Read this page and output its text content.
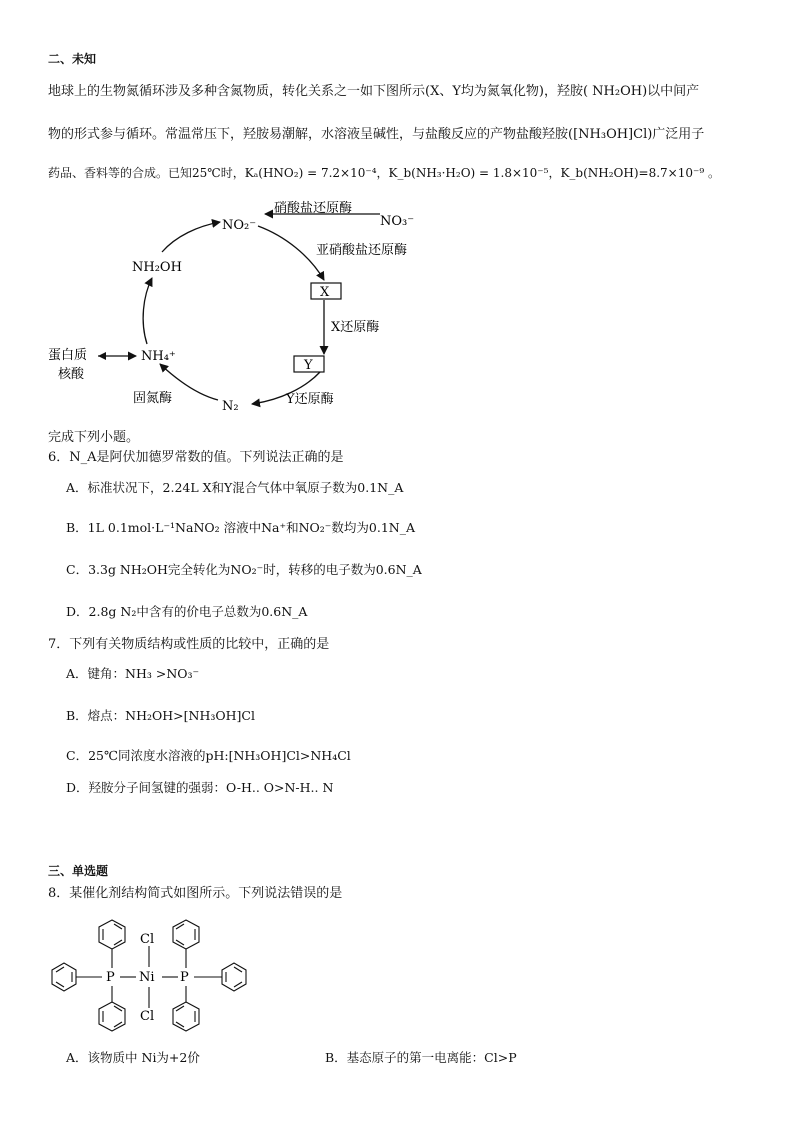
二、未知
地球上的生物氮循环涉及多种含氮物质，转化关系之一如下图所示(X、Y均为氮氧化物)，羟胺( NH₂OH)以中间产
物的形式参与循环。常温常压下，羟胺易潮解，水溶液呈碱性，与盐酸反应的产物盐酸羟胺([NH₃OH]Cl)广泛用子
药品、香料等的合成。已知25℃时，Kₐ(HNO₂) = 7.2×10⁻⁴，K_b(NH₃·H₂O) = 1.8×10⁻⁵，K_b(NH₂OH)=8.7×10⁻⁹ 。
NO₂⁻	NO₃⁻
硝酸盐还原酶
亚硝酸盐还原酶
X
X还原酶
Y
Y还原酶
N₂
固氮酶
NH₄⁺
NH₂OH
蛋白质
核酸
完成下列小题。
6．N_A是阿伏加德罗常数的值。下列说法正确的是
A．标准状况下，2.24L X和Y混合气体中氧原子数为0.1N_A
B．1L 0.1mol·L⁻¹NaNO₂ 溶液中Na⁺和NO₂⁻数均为0.1N_A
C．3.3g NH₂OH完全转化为NO₂⁻时，转移的电子数为0.6N_A
D．2.8g N₂中含有的价电子总数为0.6N_A
7．下列有关物质结构或性质的比较中，正确的是
A．键角：NH₃ >NO₃⁻
B．熔点：NH₂OH>[NH₃OH]Cl
C．25℃同浓度水溶液的pH:[NH₃OH]Cl>NH₄Cl
D．羟胺分子间氢键的强弱：O-H.. O>N-H.. N
三、单选题
8．某催化剂结构简式如图所示。下列说法错误的是
P	P
Ni
Cl
Cl
A．该物质中 Ni为+2价	B．基态原子的第一电离能：Cl>P
